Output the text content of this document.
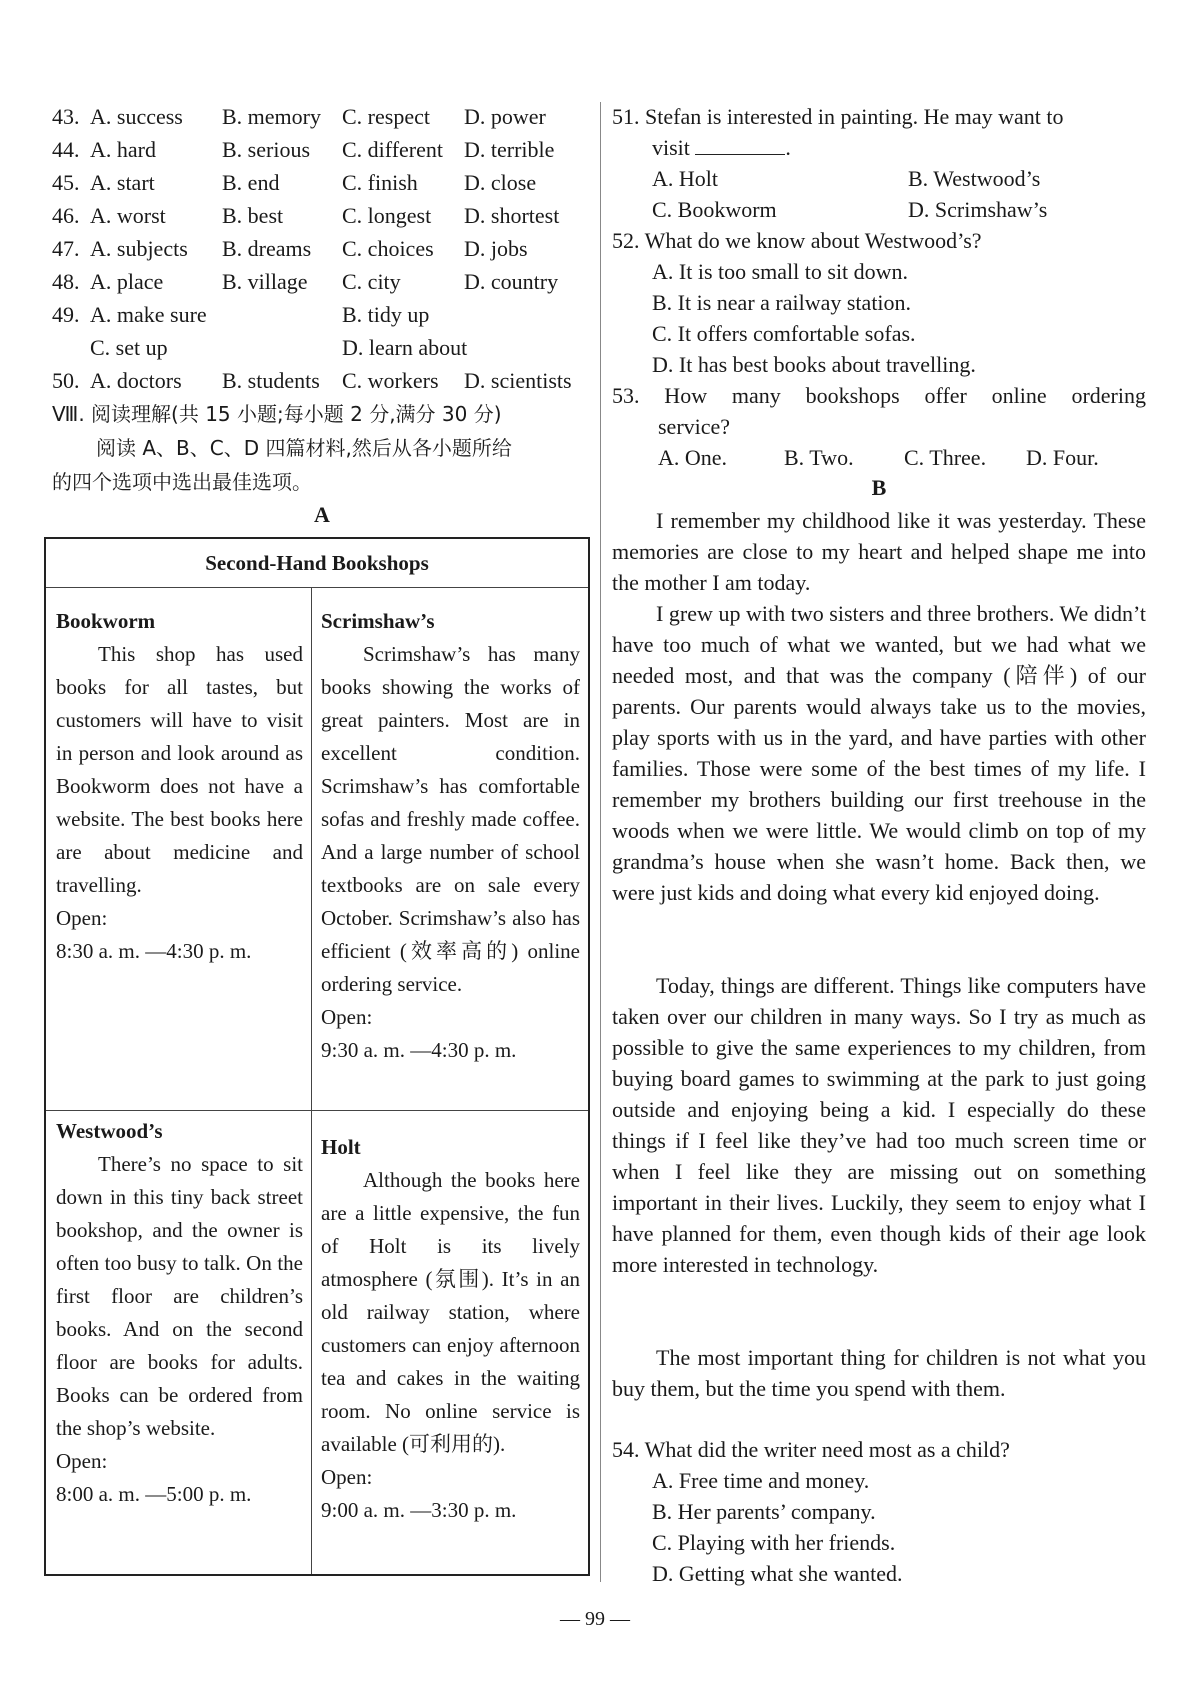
43. A. success B. memory C. respect D. power
44. A. hard	B. serious C. different D. terrible
45. A. start	B. end	C. finish D. close
46. A. worst	B. best	C. longest D. shortest
47. A. subjects B. dreams C. choices D. jobs
48. A. place	B. village C. city	D. country
49. A. make sure	B. tidy up
C. set up	D. learn about
50. A. doctors B. students C. workers D. scientists
Ⅷ. 阅读理解(共 15 小题;每小题 2 分,满分 30 分)
阅读 A、B、C、D 四篇材料,然后从各小题所给
的四个选项中选出最佳选项。
A
Second-Hand Bookshops
Bookworm

This shop has used books for all tastes, but customers will have to visit in person and look around as Bookworm does not have a website. The best books here are about medicine and travelling.

Open:
8:30 a. m. —4:30 p. m.
Scrimshaw’s

Scrimshaw’s has many books showing the works of great painters. Most are in excellent condition. Scrimshaw’s has comfortable sofas and freshly made coffee. And a large number of school textbooks are on sale every October. Scrimshaw’s also has efficient (效率高的) online ordering service.

Open:
9:30 a. m. —4:30 p. m.
Westwood’s

There’s no space to sit down in this tiny back street bookshop, and the owner is often too busy to talk. On the first floor are children’s books. And on the second floor are books for adults. Books can be ordered from the shop’s website.

Open:
8:00 a. m. —5:00 p. m.
Holt

Although the books here are a little expensive, the fun of Holt is its lively atmosphere (氛围). It’s in an old railway station, where customers can enjoy afternoon tea and cakes in the waiting room. No online service is available (可利用的).

Open:
9:00 a. m. —3:30 p. m.
51. Stefan is interested in painting. He may want to
visit	.
A. Holt	B. Westwood’s
C. Bookworm	D. Scrimshaw’s
52. What do we know about Westwood’s?
A. It is too small to sit down.
B. It is near a railway station.
C. It offers comfortable sofas.
D. It has best books about travelling.
53. How many bookshops offer online ordering
service?
A. One.	B. Two. C. Three. D. Four.
B
I remember my childhood like it was yesterday. These memories are close to my heart and helped shape me into the mother I am today.
I grew up with two sisters and three brothers. We didn’t have too much of what we wanted, but we had what we needed most, and that was the company (陪伴) of our parents. Our parents would always take us to the movies, play sports with us in the yard, and have parties with other families. Those were some of the best times of my life. I remember my brothers building our first treehouse in the woods when we were little. We would climb on top of my grandma’s house when she wasn’t home. Back then, we were just kids and doing what every kid enjoyed doing.
Today, things are different. Things like computers have taken over our children in many ways. So I try as much as possible to give the same experiences to my children, from buying board games to swimming at the park to just going outside and enjoying being a kid. I especially do these things if I feel like they’ve had too much screen time or when I feel like they are missing out on something important in their lives. Luckily, they seem to enjoy what I have planned for them, even though kids of their age look more interested in technology.
The most important thing for children is not what you buy them, but the time you spend with them.
54. What did the writer need most as a child?
A. Free time and money.
B. Her parents’ company.
C. Playing with her friends.
D. Getting what she wanted.
— 99 —
